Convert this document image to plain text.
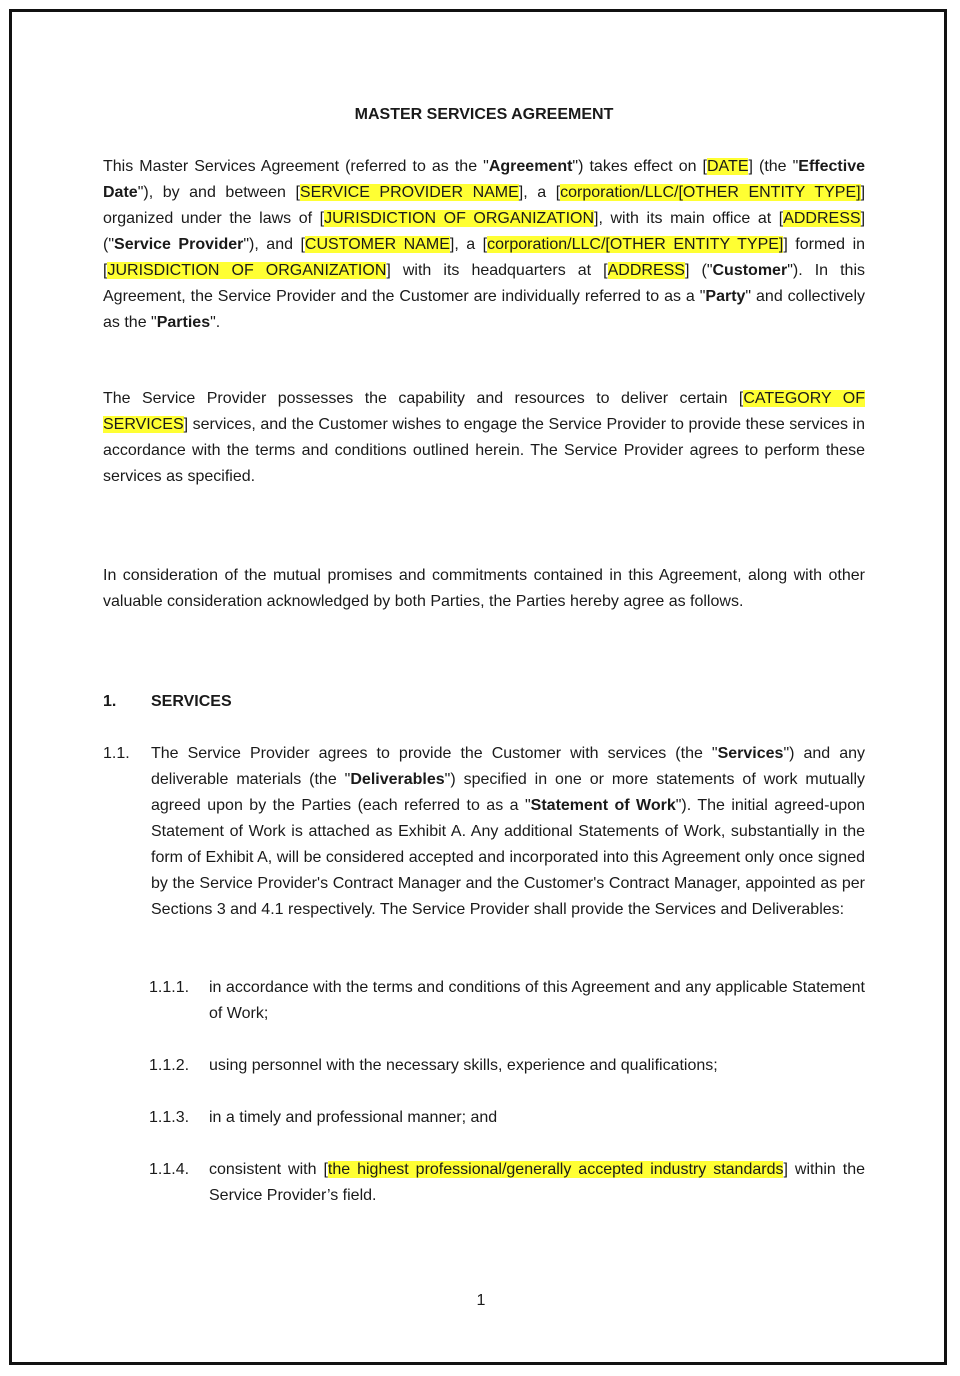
MASTER SERVICES AGREEMENT

This Master Services Agreement (referred to as the "Agreement") takes effect on [DATE] (the "Effective Date"), by and between [SERVICE PROVIDER NAME], a [corporation/LLC/[OTHER ENTITY TYPE]] organized under the laws of [JURISDICTION OF ORGANIZATION], with its main office at [ADDRESS] ("Service Provider"), and [CUSTOMER NAME], a [corporation/LLC/[OTHER ENTITY TYPE]] formed in [JURISDICTION OF ORGANIZATION] with its headquarters at [ADDRESS] ("Customer"). In this Agreement, the Service Provider and the Customer are individually referred to as a "Party" and collectively as the "Parties".

The Service Provider possesses the capability and resources to deliver certain [CATEGORY OF SERVICES] services, and the Customer wishes to engage the Service Provider to provide these services in accordance with the terms and conditions outlined herein. The Service Provider agrees to perform these services as specified.

In consideration of the mutual promises and commitments contained in this Agreement, along with other valuable consideration acknowledged by both Parties, the Parties hereby agree as follows.

1. SERVICES
1.1. The Service Provider agrees to provide the Customer with services (the "Services") and any deliverable materials (the "Deliverables") specified in one or more statements of work mutually agreed upon by the Parties (each referred to as a "Statement of Work"). The initial agreed-upon Statement of Work is attached as Exhibit A. Any additional Statements of Work, substantially in the form of Exhibit A, will be considered accepted and incorporated into this Agreement only once signed by the Service Provider's Contract Manager and the Customer's Contract Manager, appointed as per Sections 3 and 4.1 respectively. The Service Provider shall provide the Services and Deliverables:
1.1.1. in accordance with the terms and conditions of this Agreement and any applicable Statement of Work;
1.1.2. using personnel with the necessary skills, experience and qualifications;
1.1.3. in a timely and professional manner; and
1.1.4. consistent with [the highest professional/generally accepted industry standards] within the Service Provider’s field.
1
